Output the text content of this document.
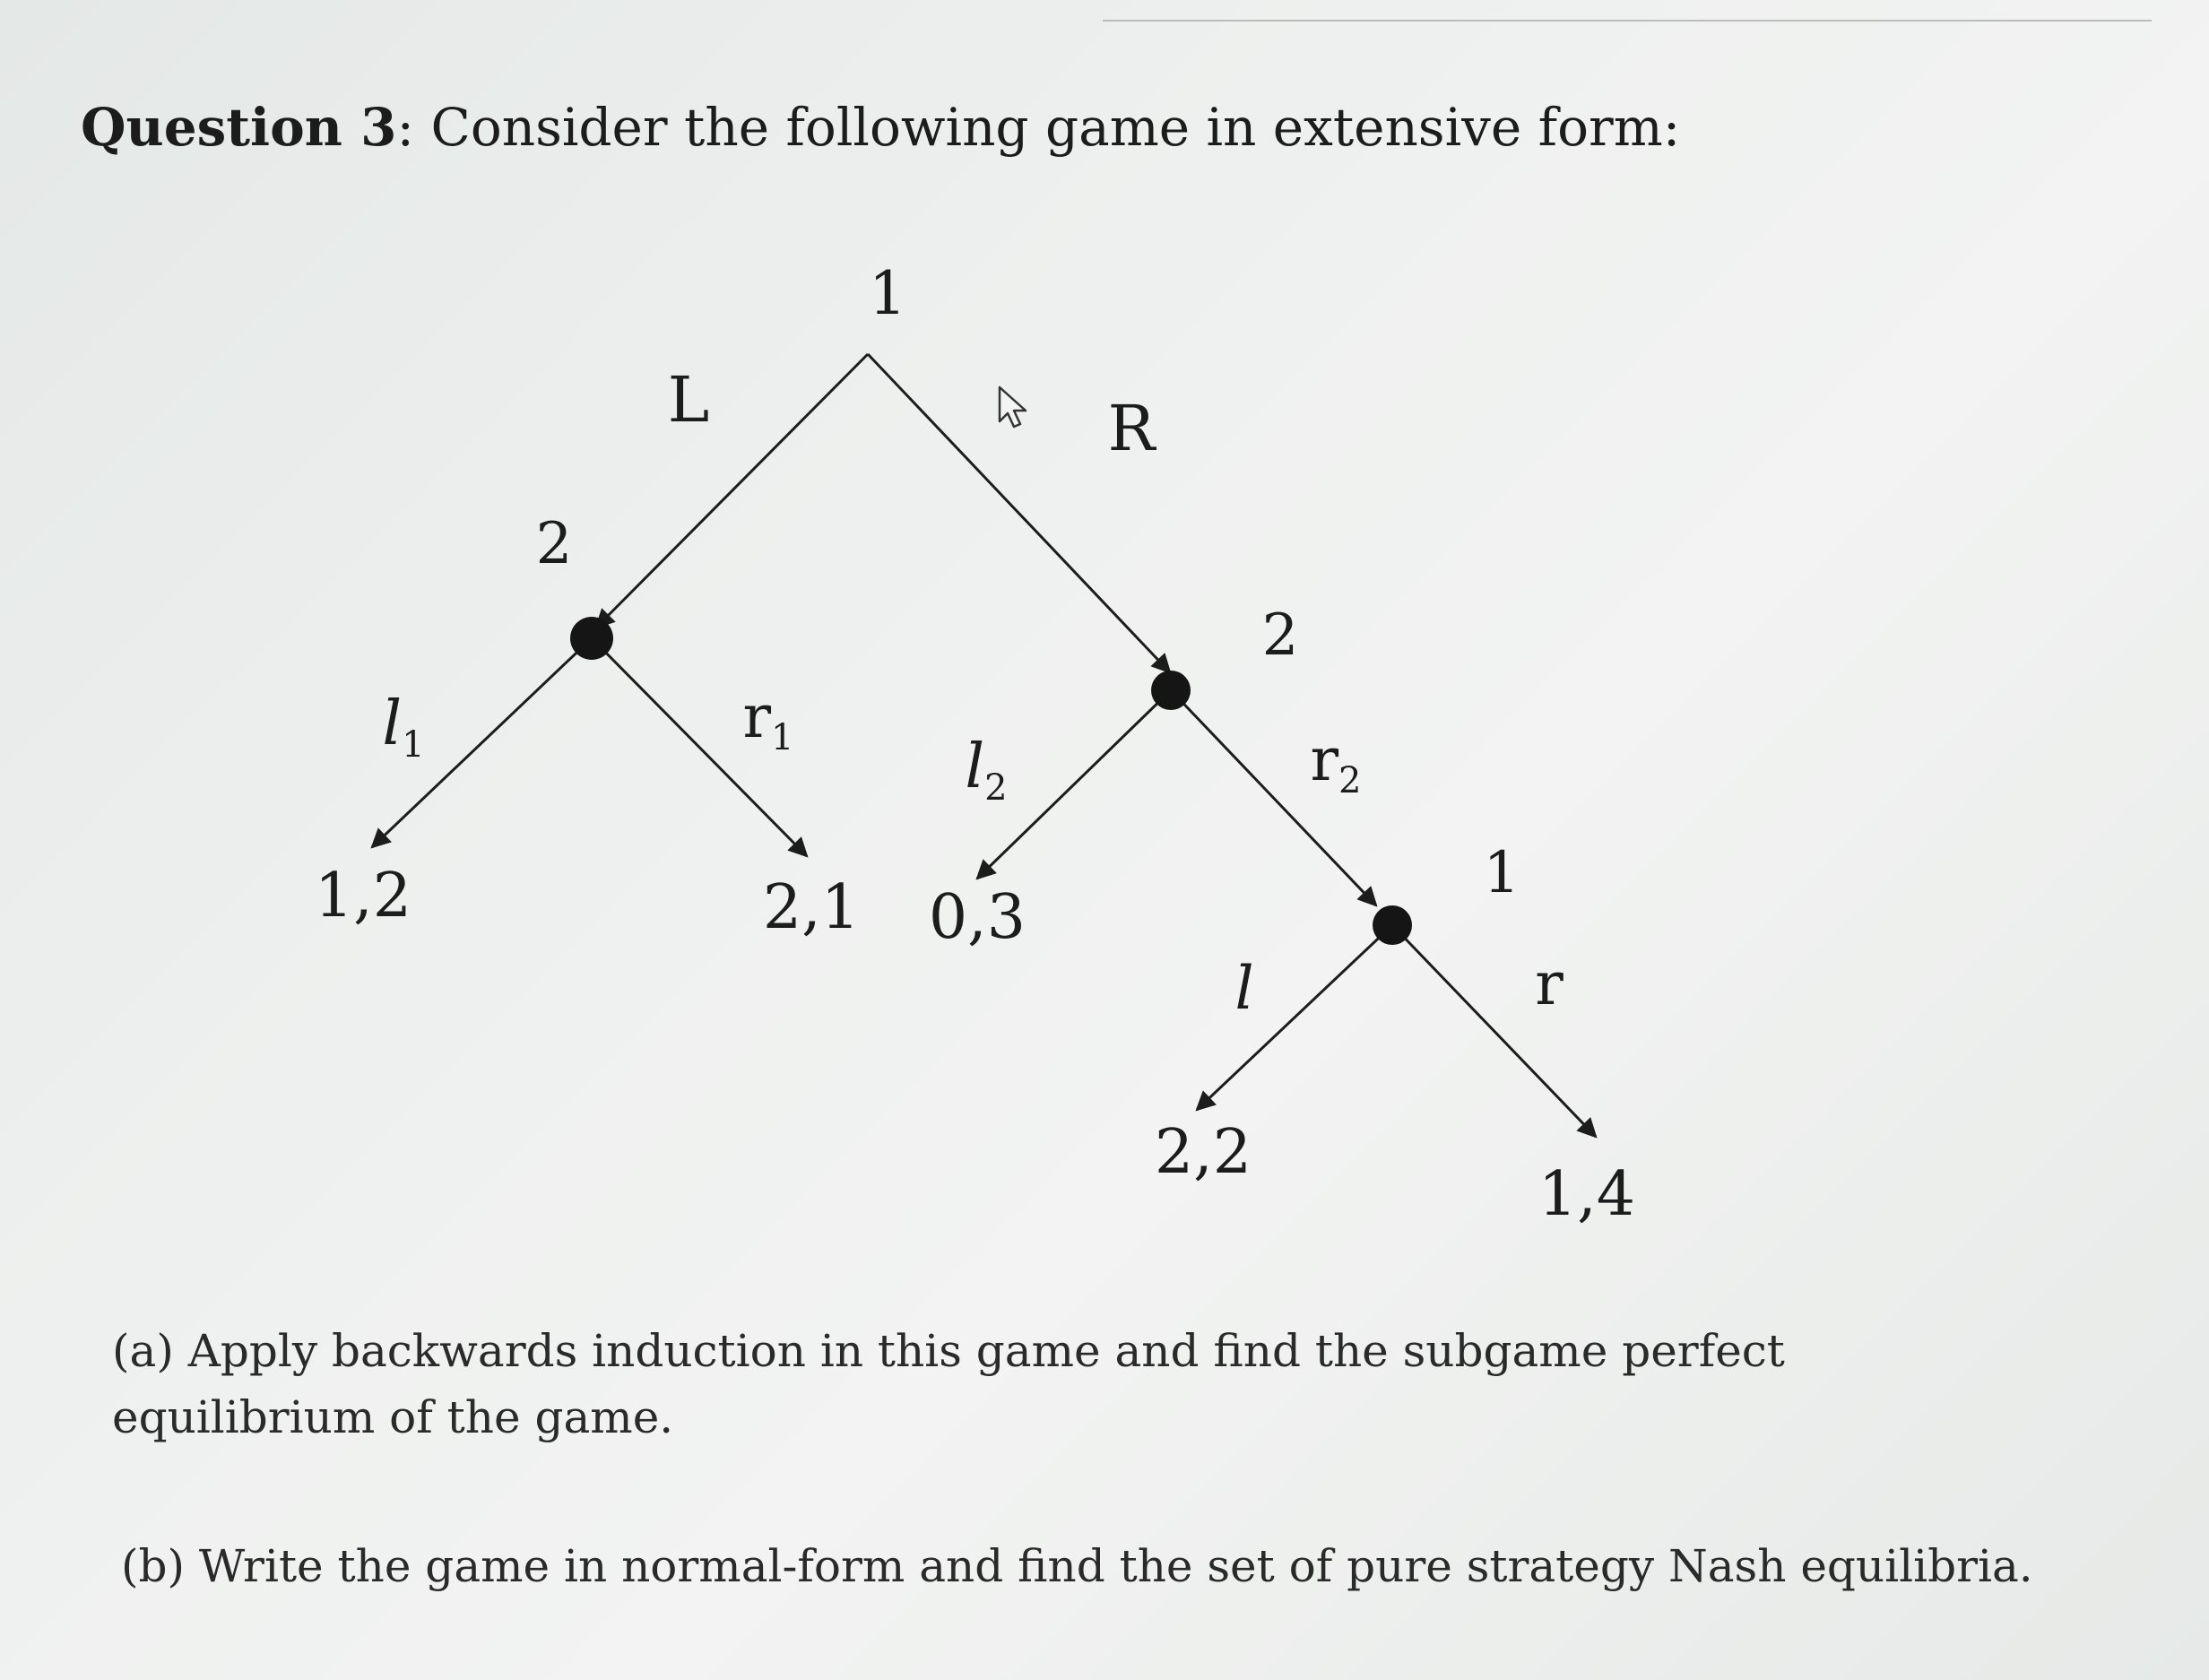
Question 3: Consider the following game in extensive form:
1
2
2
1
L	R
$l_1$	$r_1$	$l_2$	$r_2$
l	r
1,2	2,1 0,3
2,2
1,4
(a) Apply backwards induction in this game and find the subgame perfect equilibrium of the game.
(b) Write the game in normal-form and find the set of pure strategy Nash equilibria.
